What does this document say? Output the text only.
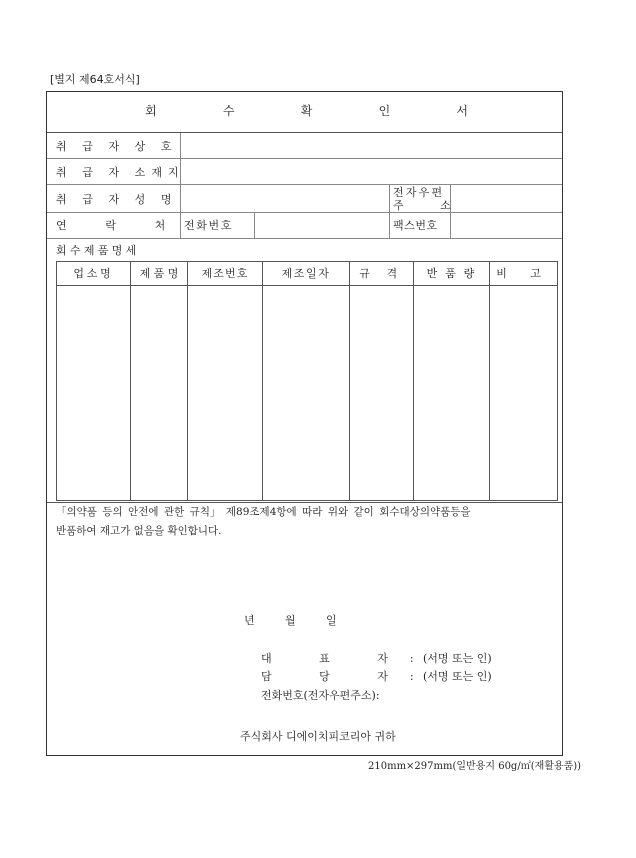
[별지 제64호서식]
회 수 확 인 서
취 급 자 상 호
취 급 자 소재지
취 급 자 성 명
전자우편
주 소
연 락 처 전화번호	팩스번호
회수제품명세
업소명	제 품 명	제조번호	제조일자	규 격	반 품 량	비 고
「의약품 등의 안전에 관한 규칙」 제89조제4항에 따라 위와 같이 회수대상의약품등을
반품하여 재고가 없음을 확인합니다.
년	월	일
대 표 자:
(서명 또는 인)
담 당 자:
(서명 또는 인)
전화번호(전자우편주소):
주식회사 디에이치피코리아 귀하
210mm×297mm(일반용지 60g/㎡(재활용품))
